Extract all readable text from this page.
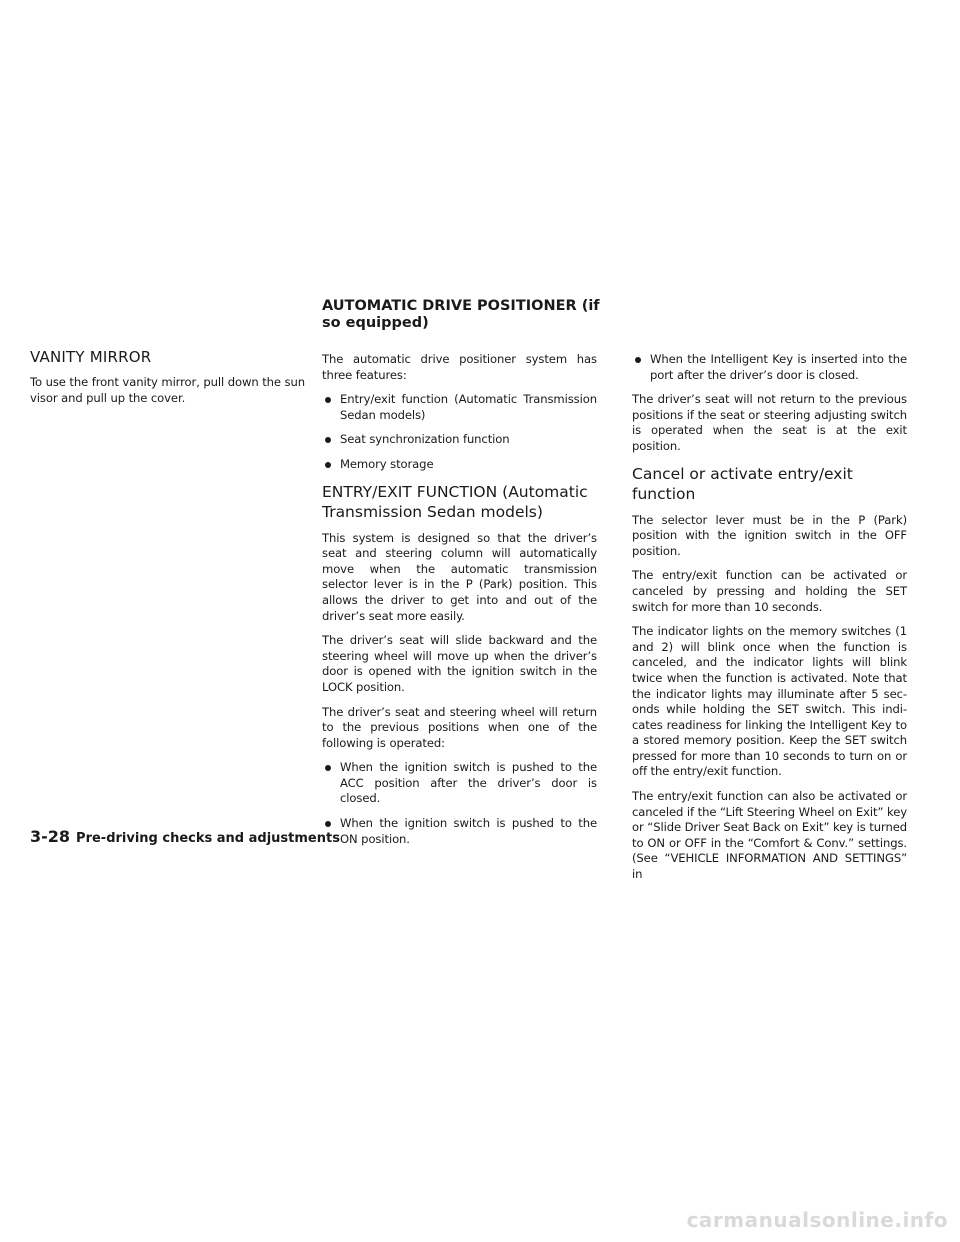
AUTOMATIC DRIVE POSITIONER (if so equipped)
VANITY MIRROR

To use the front vanity mirror, pull down the sun visor and pull up the cover.

The automatic drive positioner system has three features:

Entry/exit function (Automatic Transmission Sedan models)
Seat synchronization function
Memory storage
ENTRY/EXIT FUNCTION (Automatic Transmission Sedan models)

This system is designed so that the driver’s seat and steering column will automatically move when the automatic transmission selector lever is in the P (Park) position. This allows the driver to get into and out of the driver’s seat more easily.

The driver’s seat will slide backward and the steering wheel will move up when the driver’s door is opened with the ignition switch in the LOCK position.

The driver’s seat and steering wheel will return to the previous positions when one of the following is operated:

When the ignition switch is pushed to the ACC position after the driver’s door is closed.
When the ignition switch is pushed to the ON position.
When the Intelligent Key is inserted into the port after the driver’s door is closed.

The driver’s seat will not return to the previous positions if the seat or steering adjusting switch is operated when the seat is at the exit position.

Cancel or activate entry/exit function

The selector lever must be in the P (Park) position with the ignition switch in the OFF position.

The entry/exit function can be activated or canceled by pressing and holding the SET switch for more than 10 seconds.

The indicator lights on the memory switches (1 and 2) will blink once when the function is canceled, and the indicator lights will blink twice when the function is activated. Note that the indicator lights may illuminate after 5 sec-onds while holding the SET switch. This indi-cates readiness for linking the Intelligent Key to a stored memory position. Keep the SET switch pressed for more than 10 seconds to turn on or off the entry/exit function.

The entry/exit function can also be activated or canceled if the “Lift Steering Wheel on Exit” key or “Slide Driver Seat Back on Exit” key is turned to ON or OFF in the “Comfort & Conv.” settings. (See “VEHICLE INFORMATION AND SETTINGS” in

3-28 Pre-driving checks and adjustments
carmanualsonline.info
